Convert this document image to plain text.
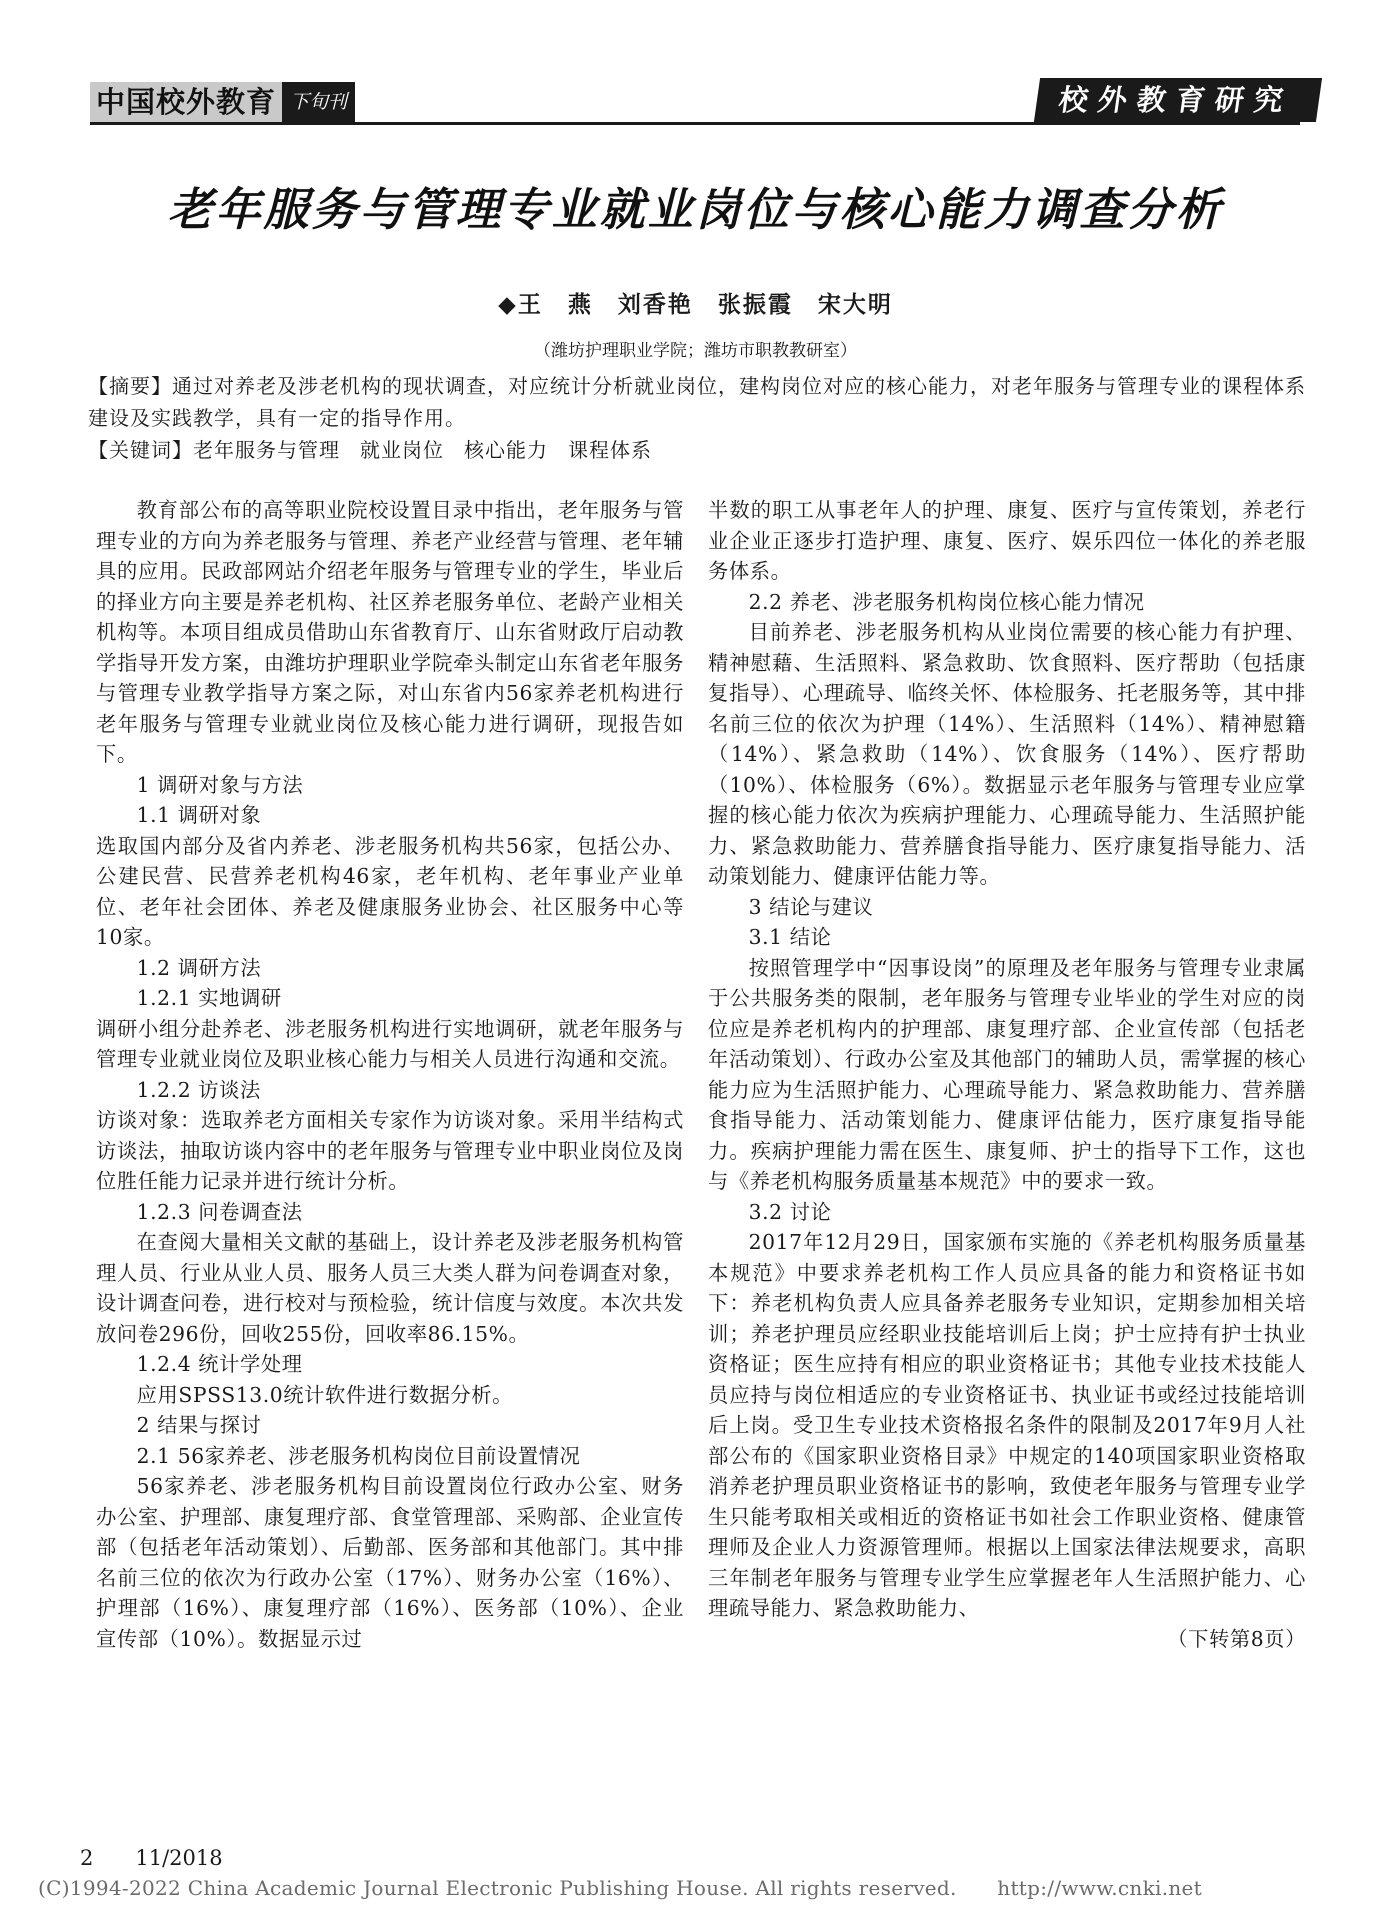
中国校外教育 下旬刊	校外教育研究
老年服务与管理专业就业岗位与核心能力调查分析
◆王　燕　刘香艳　张振霞　宋大明
（潍坊护理职业学院；潍坊市职教教研室）

【摘要】通过对养老及涉老机构的现状调查，对应统计分析就业岗位，建构岗位对应的核心能力，对老年服务与管理专业的课程体系建设及实践教学，具有一定的指导作用。

【关键词】老年服务与管理 就业岗位 核心能力 课程体系

教育部公布的高等职业院校设置目录中指出，老年服务与管理专业的方向为养老服务与管理、养老产业经营与管理、老年辅具的应用。民政部网站介绍老年服务与管理专业的学生，毕业后的择业方向主要是养老机构、社区养老服务单位、老龄产业相关机构等。本项目组成员借助山东省教育厅、山东省财政厅启动教学指导开发方案，由潍坊护理职业学院牵头制定山东省老年服务与管理专业教学指导方案之际，对山东省内56家养老机构进行老年服务与管理专业就业岗位及核心能力进行调研，现报告如下。

1 调研对象与方法

1.1 调研对象

选取国内部分及省内养老、涉老服务机构共56家，包括公办、公建民营、民营养老机构46家，老年机构、老年事业产业单位、老年社会团体、养老及健康服务业协会、社区服务中心等10家。

1.2 调研方法

1.2.1 实地调研

调研小组分赴养老、涉老服务机构进行实地调研，就老年服务与管理专业就业岗位及职业核心能力与相关人员进行沟通和交流。

1.2.2 访谈法

访谈对象：选取养老方面相关专家作为访谈对象。采用半结构式访谈法，抽取访谈内容中的老年服务与管理专业中职业岗位及岗位胜任能力记录并进行统计分析。

1.2.3 问卷调查法

在查阅大量相关文献的基础上，设计养老及涉老服务机构管理人员、行业从业人员、服务人员三大类人群为问卷调查对象，设计调查问卷，进行校对与预检验，统计信度与效度。本次共发放问卷296份，回收255份，回收率86.15%。

1.2.4 统计学处理

应用SPSS13.0统计软件进行数据分析。

2 结果与探讨

2.1 56家养老、涉老服务机构岗位目前设置情况

56家养老、涉老服务机构目前设置岗位行政办公室、财务办公室、护理部、康复理疗部、食堂管理部、采购部、企业宣传部（包括老年活动策划）、后勤部、医务部和其他部门。其中排名前三位的依次为行政办公室（17%）、财务办公室（16%）、护理部（16%）、康复理疗部（16%）、医务部（10%）、企业宣传部（10%）。数据显示过

半数的职工从事老年人的护理、康复、医疗与宣传策划，养老行业企业正逐步打造护理、康复、医疗、娱乐四位一体化的养老服务体系。

2.2 养老、涉老服务机构岗位核心能力情况

目前养老、涉老服务机构从业岗位需要的核心能力有护理、精神慰藉、生活照料、紧急救助、饮食照料、医疗帮助（包括康复指导）、心理疏导、临终关怀、体检服务、托老服务等，其中排名前三位的依次为护理（14%）、生活照料（14%）、精神慰籍（14%）、紧急救助（14%）、饮食服务（14%）、医疗帮助（10%）、体检服务（6%）。数据显示老年服务与管理专业应掌握的核心能力依次为疾病护理能力、心理疏导能力、生活照护能力、紧急救助能力、营养膳食指导能力、医疗康复指导能力、活动策划能力、健康评估能力等。

3 结论与建议

3.1 结论

按照管理学中“因事设岗”的原理及老年服务与管理专业隶属于公共服务类的限制，老年服务与管理专业毕业的学生对应的岗位应是养老机构内的护理部、康复理疗部、企业宣传部（包括老年活动策划）、行政办公室及其他部门的辅助人员，需掌握的核心能力应为生活照护能力、心理疏导能力、紧急救助能力、营养膳食指导能力、活动策划能力、健康评估能力，医疗康复指导能力。疾病护理能力需在医生、康复师、护士的指导下工作，这也与《养老机构服务质量基本规范》中的要求一致。

3.2 讨论

2017年12月29日，国家颁布实施的《养老机构服务质量基本规范》中要求养老机构工作人员应具备的能力和资格证书如下：养老机构负责人应具备养老服务专业知识，定期参加相关培训；养老护理员应经职业技能培训后上岗；护士应持有护士执业资格证；医生应持有相应的职业资格证书；其他专业技术技能人员应持与岗位相适应的专业资格证书、执业证书或经过技能培训后上岗。受卫生专业技术资格报名条件的限制及2017年9月人社部公布的《国家职业资格目录》中规定的140项国家职业资格取消养老护理员职业资格证书的影响，致使老年服务与管理专业学生只能考取相关或相近的资格证书如社会工作职业资格、健康管理师及企业人力资源管理师。根据以上国家法律法规要求，高职三年制老年服务与管理专业学生应掌握老年人生活照护能力、心理疏导能力、紧急救助能力、

（下转第8页）
2　　11/2018
(C)1994-2022 China Academic Journal Electronic Publishing House. All rights reserved.　　http://www.cnki.net
